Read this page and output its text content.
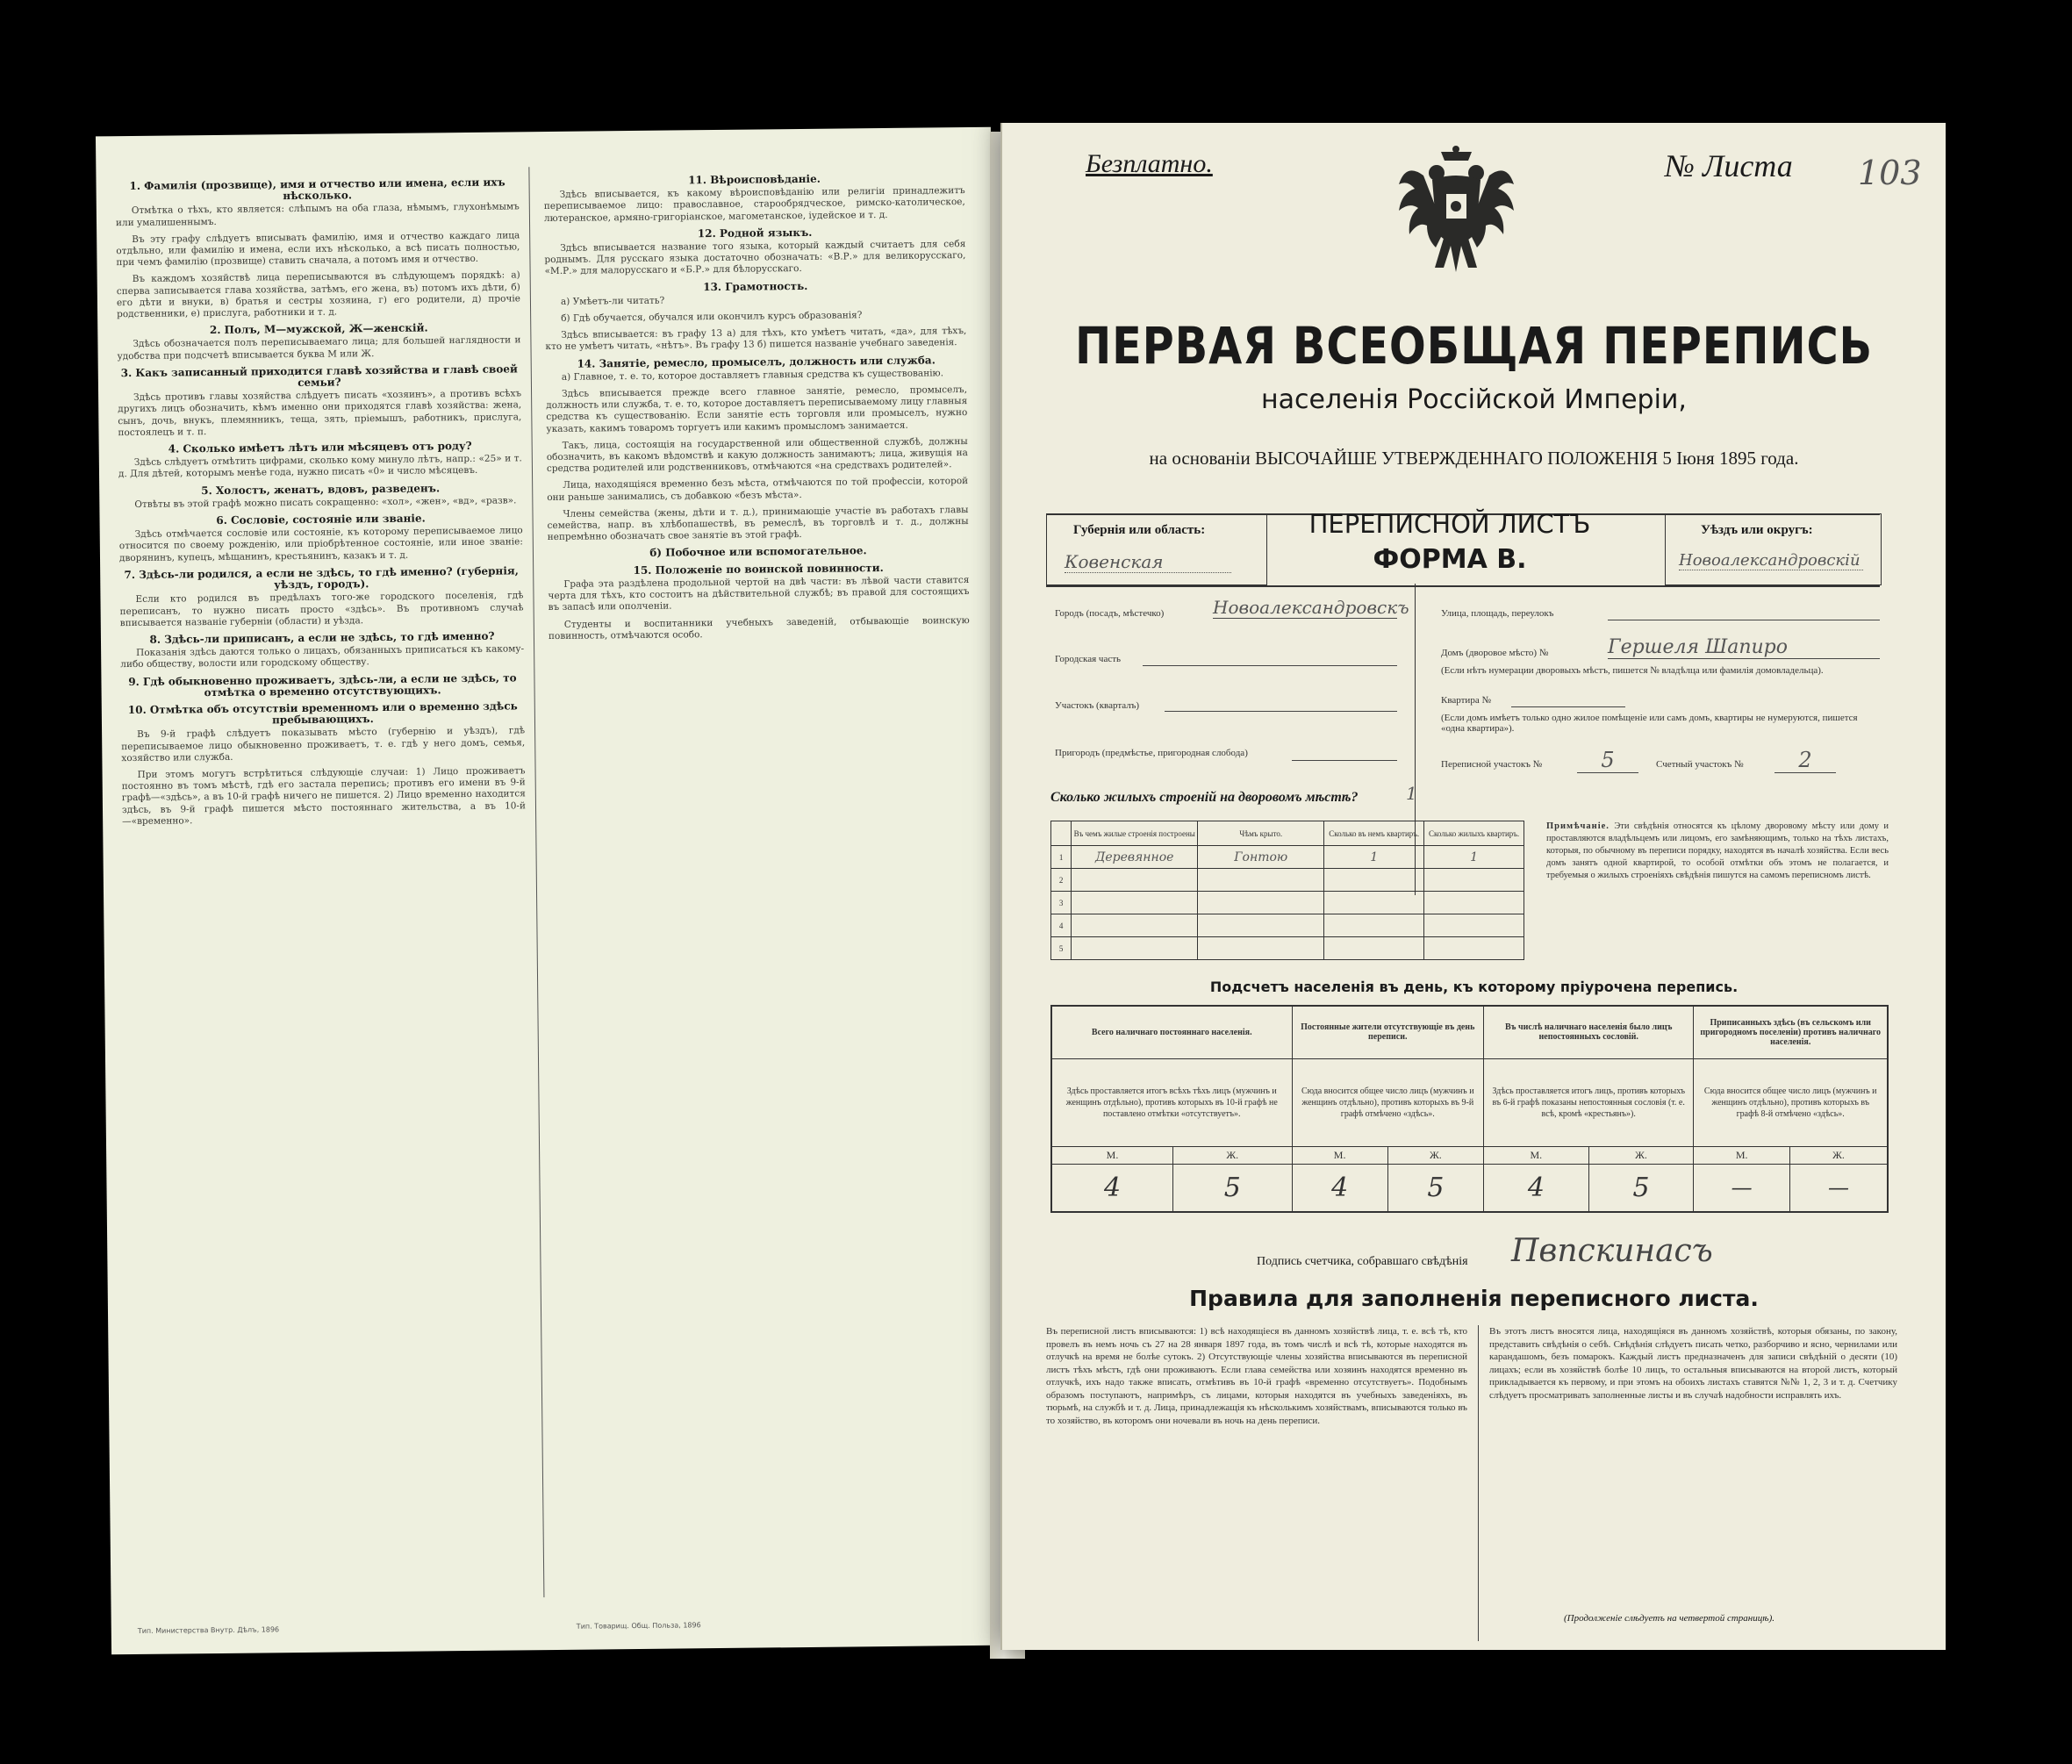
1. Фамилія (прозвище), имя и отчество или имена, если ихъ нѣсколько.

Отмѣтка о тѣхъ, кто является: слѣпымъ на оба глаза, нѣмымъ, глухонѣмымъ или умалишеннымъ.

Въ эту графу слѣдуетъ вписывать фамилію, имя и отчество каждаго лица отдѣльно, или фамилію и имена, если ихъ нѣсколько, а всѣ писать полностью, при чемъ фамилію (прозвище) ставить сначала, а потомъ имя и отчество.

Въ каждомъ хозяйствѣ лица переписываются въ слѣдующемъ порядкѣ: а) сперва записывается глава хозяйства, затѣмъ, его жена, въ) потомъ ихъ дѣти, б) его дѣти и внуки, в) братья и сестры хозяина, г) его родители, д) прочіе родственники, е) прислуга, работники и т. д.

2. Полъ, М—мужской, Ж—женскій.

Здѣсь обозначается полъ переписываемаго лица; для большей наглядности и удобства при подсчетѣ вписывается буква М или Ж.

3. Какъ записанный приходится главѣ хозяйства и главѣ своей семьи?

Здѣсь противъ главы хозяйства слѣдуетъ писать «хозяинъ», а противъ всѣхъ другихъ лицъ обозначить, кѣмъ именно они приходятся главѣ хозяйства: жена, сынъ, дочь, внукъ, племянникъ, теща, зять, пріемышъ, работникъ, прислуга, постоялецъ и т. п.

4. Сколько имѣетъ лѣтъ или мѣсяцевъ отъ роду?

Здѣсь слѣдуетъ отмѣтить цифрами, сколько кому минуло лѣтъ, напр.: «25» и т. д. Для дѣтей, которымъ менѣе года, нужно писать «0» и число мѣсяцевъ.

5. Холостъ, женатъ, вдовъ, разведенъ.

Отвѣты въ этой графѣ можно писать сокращенно: «хол», «жен», «вд», «разв».

6. Сословіе, состояніе или званіе.

Здѣсь отмѣчается сословіе или состояніе, къ которому переписываемое лицо относится по своему рожденію, или пріобрѣтенное состояніе, или иное званіе: дворянинъ, купецъ, мѣщанинъ, крестьянинъ, казакъ и т. д.

7. Здѣсь-ли родился, а если не здѣсь, то гдѣ именно? (губернія, уѣздъ, городъ).

Если кто родился въ предѣлахъ того-же городского поселенія, гдѣ переписанъ, то нужно писать просто «здѣсь». Въ противномъ случаѣ вписывается названіе губерніи (области) и уѣзда.

8. Здѣсь-ли приписанъ, а если не здѣсь, то гдѣ именно?

Показанія здѣсь даются только о лицахъ, обязанныхъ приписаться къ какому-либо обществу, волости или городскому обществу.

9. Гдѣ обыкновенно проживаетъ, здѣсь-ли, а если не здѣсь, то отмѣтка о временно отсутствующихъ.
10. Отмѣтка объ отсутствіи временномъ или о временно здѣсь пребывающихъ.

Въ 9-й графѣ слѣдуетъ показывать мѣсто (губернію и уѣздъ), гдѣ переписываемое лицо обыкновенно проживаетъ, т. е. гдѣ у него домъ, семья, хозяйство или служба.

При этомъ могутъ встрѣтиться слѣдующіе случаи: 1) Лицо проживаетъ постоянно въ томъ мѣстѣ, гдѣ его застала перепись; противъ его имени въ 9-й графѣ—«здѣсь», а въ 10-й графѣ ничего не пишется. 2) Лицо временно находится здѣсь, въ 9-й графѣ пишется мѣсто постояннаго жительства, а въ 10-й—«временно».

11. Вѣроисповѣданіе.

Здѣсь вписывается, къ какому вѣроисповѣданію или религіи принадлежитъ переписываемое лицо: православное, старообрядческое, римско-католическое, лютеранское, армяно-григоріанское, магометанское, іудейское и т. д.

12. Родной языкъ.

Здѣсь вписывается название того языка, который каждый считаетъ для себя роднымъ. Для русскаго языка достаточно обозначать: «В.Р.» для великорусскаго, «М.Р.» для малорусскаго и «Б.Р.» для бѣлорусскаго.

13. Грамотность.

а) Умѣетъ-ли читать?

б) Гдѣ обучается, обучался или окончилъ курсъ образованія?

Здѣсь вписывается: въ графу 13 а) для тѣхъ, кто умѣетъ читать, «да», для тѣхъ, кто не умѣетъ читать, «нѣтъ». Въ графу 13 б) пишется названіе учебнаго заведенія.

14. Занятіе, ремесло, промыселъ, должность или служба.

а) Главное, т. е. то, которое доставляетъ главныя средства къ существованію.

Здѣсь вписывается прежде всего главное занятіе, ремесло, промыселъ, должность или служба, т. е. то, которое доставляетъ переписываемому лицу главныя средства къ существованію. Если занятіе есть торговля или промыселъ, нужно указать, какимъ товаромъ торгуетъ или какимъ промысломъ занимается.

Такъ, лица, состоящія на государственной или общественной службѣ, должны обозначить, въ какомъ вѣдомствѣ и какую должность занимаютъ; лица, живущія на средства родителей или родственниковъ, отмѣчаются «на средствахъ родителей».

Лица, находящіяся временно безъ мѣста, отмѣчаются по той профессіи, которой они раньше занимались, съ добавкою «безъ мѣста».

Члены семейства (жены, дѣти и т. д.), принимающіе участіе въ работахъ главы семейства, напр. въ хлѣбопашествѣ, въ ремеслѣ, въ торговлѣ и т. д., должны непремѣнно обозначать свое занятіе въ этой графѣ.

б) Побочное или вспомогательное.
15. Положеніе по воинской повинности.

Графа эта раздѣлена продольной чертой на двѣ части: въ лѣвой части ставится черта для тѣхъ, кто состоитъ на дѣйствительной службѣ; въ правой для состоящихъ въ запасѣ или ополченіи.

Студенты и воспитанники учебныхъ заведеній, отбывающіе воинскую повинность, отмѣчаются особо.

Тип. Министерства Внутр. Дѣлъ, 1896	Тип. Товарищ. Общ. Польза, 1896
Безплатно.	№ Листа 103
ПЕРВАЯ ВСЕОБЩАЯ ПЕРЕПИСЬ
населенія Россійской Имперіи,
на основаніи ВЫСОЧАЙШЕ УТВЕРЖДЕННАГО ПОЛОЖЕНІЯ 5 Іюня 1895 года.
Губернія или область:
Ковенская
ПЕРЕПИСНОЙ ЛИСТЪ
ФОРМА В.
Уѣздъ или округъ:
Новоалександровскій
Городъ (посадъ, мѣстечко)	Новоалександровскъ
Городская часть
Участокъ (кварталъ)
Пригородъ (предмѣстье, пригородная слобода)
Улица, площадь, переулокъ
Домъ (дворовое мѣсто) №	Гершеля Шапиро
(Если нѣтъ нумерации дворовыхъ мѣстъ, пишется № владѣлца или фамилія домовладельца).
Квартира №
(Если домъ имѣетъ только одно жилое помѣщеніе или самъ домъ, квартиры не нумеруются, пишется «одна квартира»).
Переписной участокъ №	5	Счетный участокъ №	2
Сколько жилыхъ строеній на дворовомъ мѣстѣ?	1
	Въ чемъ жилые строенія построены	Чѣмъ крыто.	Сколько въ немъ квартиръ.	Сколько жилыхъ квартиръ.
1	Деревянное	Гонтою	1	1
2				
3				
4				
5				
Примѣчаніе. Эти свѣдѣнія относятся къ цѣлому дворовому мѣсту или дому и проставляются владѣльцемъ или лицомъ, его замѣняющимъ, только на тѣхъ листахъ, которыя, по обычному въ переписи порядку, находятся въ началѣ хозяйства. Если весь домъ занятъ одной квартирой, то особой отмѣтки объ этомъ не полагается, и требуемыя о жилыхъ строеніяхъ свѣдѣнія пишутся на самомъ переписномъ листѣ.
Подсчетъ населенія въ день, къ которому пріурочена перепись.
Всего наличнаго постояннаго населенія.		Постоянные жители отсутствующіе въ день переписи.		Въ числѣ наличнаго населенія было лицъ непостоянныхъ сословій.		Приписанныхъ здѣсь (въ сельскомъ или пригородномъ поселеніи) противъ наличнаго населенія.	
Здѣсь проставляется итогъ всѣхъ тѣхъ лицъ (мужчинъ и женщинъ отдѣльно), противъ которыхъ въ 10-й графѣ не поставлено отмѣтки «отсутствуетъ».		Сюда вносится общее число лицъ (мужчинъ и женщинъ отдѣльно), противъ которыхъ въ 9-й графѣ отмѣчено «здѣсь».		Здѣсь проставляется итогъ лицъ, противъ которыхъ въ 6-й графѣ показаны непостоянныя сословія (т. е. всѣ, кромѣ «крестьянъ»).		Сюда вносится общее число лицъ (мужчинъ и женщинъ отдѣльно), противъ которыхъ въ графѣ 8-й отмѣчено «здѣсь».	
М.	Ж.	М.	Ж.	М.	Ж.	М.	Ж.
4	5	4	5	4	5	—	—
Подпись счетчика, собравшаго свѣдѣнія Пвпскинасъ
Правила для заполненія переписного листа.
Въ переписной листъ вписываются: 1) всѣ находящіеся въ данномъ хозяйствѣ лица, т. е. всѣ тѣ, кто провелъ въ немъ ночь съ 27 на 28 января 1897 года, въ томъ числѣ и всѣ тѣ, которые находятся въ отлучкѣ на время не болѣе сутокъ. 2) Отсутствующіе члены хозяйства вписываются въ переписной листъ тѣхъ мѣстъ, гдѣ они проживаютъ. Если глава семейства или хозяинъ находятся временно въ отлучкѣ, ихъ надо также вписать, отмѣтивъ въ 10-й графѣ «временно отсутствуетъ». Подобнымъ образомъ поступаютъ, напримѣръ, съ лицами, которыя находятся въ учебныхъ заведеніяхъ, въ тюрьмѣ, на службѣ и т. д. Лица, принадлежащія къ нѣсколькимъ хозяйствамъ, вписываются только въ то хозяйство, въ которомъ они ночевали въ ночь на день переписи.
Въ этотъ листъ вносятся лица, находящіяся въ данномъ хозяйствѣ, которыя обязаны, по закону, представить свѣдѣнія о себѣ. Свѣдѣнія слѣдуетъ писать четко, разборчиво и ясно, чернилами или карандашомъ, безъ помарокъ. Каждый листъ предназначенъ для записи свѣдѣній о десяти (10) лицахъ; если въ хозяйствѣ болѣе 10 лицъ, то остальныя вписываются на второй листъ, который прикладывается къ первому, и при этомъ на обоихъ листахъ ставятся №№ 1, 2, 3 и т. д. Счетчику слѣдуетъ просматривать заполненные листы и въ случаѣ надобности исправлять ихъ.
(Продолженіе слѣдуетъ на четвертой страницѣ).
